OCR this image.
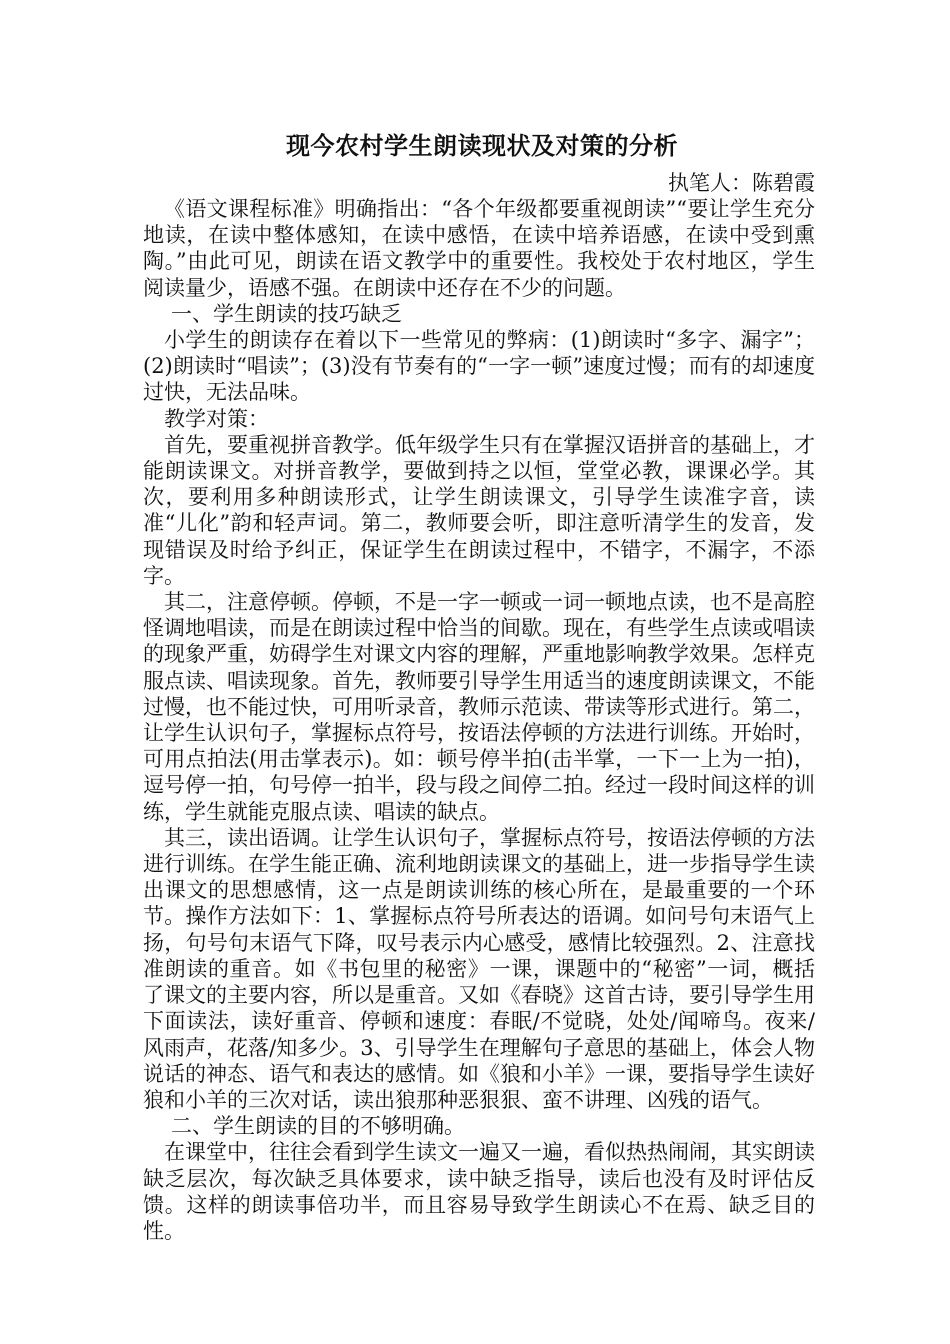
现今农村学生朗读现状及对策的分析
执笔人：陈碧霞

《语文课程标准》明确指出：“各个年级都要重视朗读”“要让学生充分地读，在读中整体感知，在读中感悟，在读中培养语感，在读中受到熏陶。”由此可见，朗读在语文教学中的重要性。我校处于农村地区，学生阅读量少，语感不强。在朗读中还存在不少的问题。

一、学生朗读的技巧缺乏

小学生的朗读存在着以下一些常见的弊病：(1)朗读时“多字、漏字”；(2)朗读时“唱读”；(3)没有节奏有的“一字一顿”速度过慢；而有的却速度过快，无法品味。

教学对策：

首先，要重视拼音教学。低年级学生只有在掌握汉语拼音的基础上，才能朗读课文。对拼音教学，要做到持之以恒，堂堂必教，课课必学。其次，要利用多种朗读形式，让学生朗读课文，引导学生读准字音，读准“儿化”韵和轻声词。第二，教师要会听，即注意听清学生的发音，发现错误及时给予纠正，保证学生在朗读过程中，不错字，不漏字，不添字。

其二，注意停顿。停顿，不是一字一顿或一词一顿地点读，也不是高腔怪调地唱读，而是在朗读过程中恰当的间歇。现在，有些学生点读或唱读的现象严重，妨碍学生对课文内容的理解，严重地影响教学效果。怎样克服点读、唱读现象。首先，教师要引导学生用适当的速度朗读课文，不能过慢，也不能过快，可用听录音，教师示范读、带读等形式进行。第二，让学生认识句子，掌握标点符号，按语法停顿的方法进行训练。开始时，可用点拍法(用击掌表示)。如：顿号停半拍(击半掌，一下一上为一拍)，逗号停一拍，句号停一拍半，段与段之间停二拍。经过一段时间这样的训练，学生就能克服点读、唱读的缺点。

其三，读出语调。让学生认识句子，掌握标点符号，按语法停顿的方法进行训练。在学生能正确、流利地朗读课文的基础上，进一步指导学生读出课文的思想感情，这一点是朗读训练的核心所在，是最重要的一个环节。操作方法如下：1、掌握标点符号所表达的语调。如问号句末语气上扬，句号句末语气下降，叹号表示内心感受，感情比较强烈。2、注意找准朗读的重音。如《书包里的秘密》一课，课题中的“秘密”一词，概括了课文的主要内容，所以是重音。又如《春晓》这首古诗，要引导学生用下面读法，读好重音、停顿和速度：春眠/不觉晓，处处/闻啼鸟。夜来/风雨声，花落/知多少。3、引导学生在理解句子意思的基础上，体会人物说话的神态、语气和表达的感情。如《狼和小羊》一课，要指导学生读好狼和小羊的三次对话，读出狼那种恶狠狠、蛮不讲理、凶残的语气。

二、学生朗读的目的不够明确。

在课堂中，往往会看到学生读文一遍又一遍，看似热热闹闹，其实朗读缺乏层次，每次缺乏具体要求，读中缺乏指导，读后也没有及时评估反馈。这样的朗读事倍功半，而且容易导致学生朗读心不在焉、缺乏目的性。
